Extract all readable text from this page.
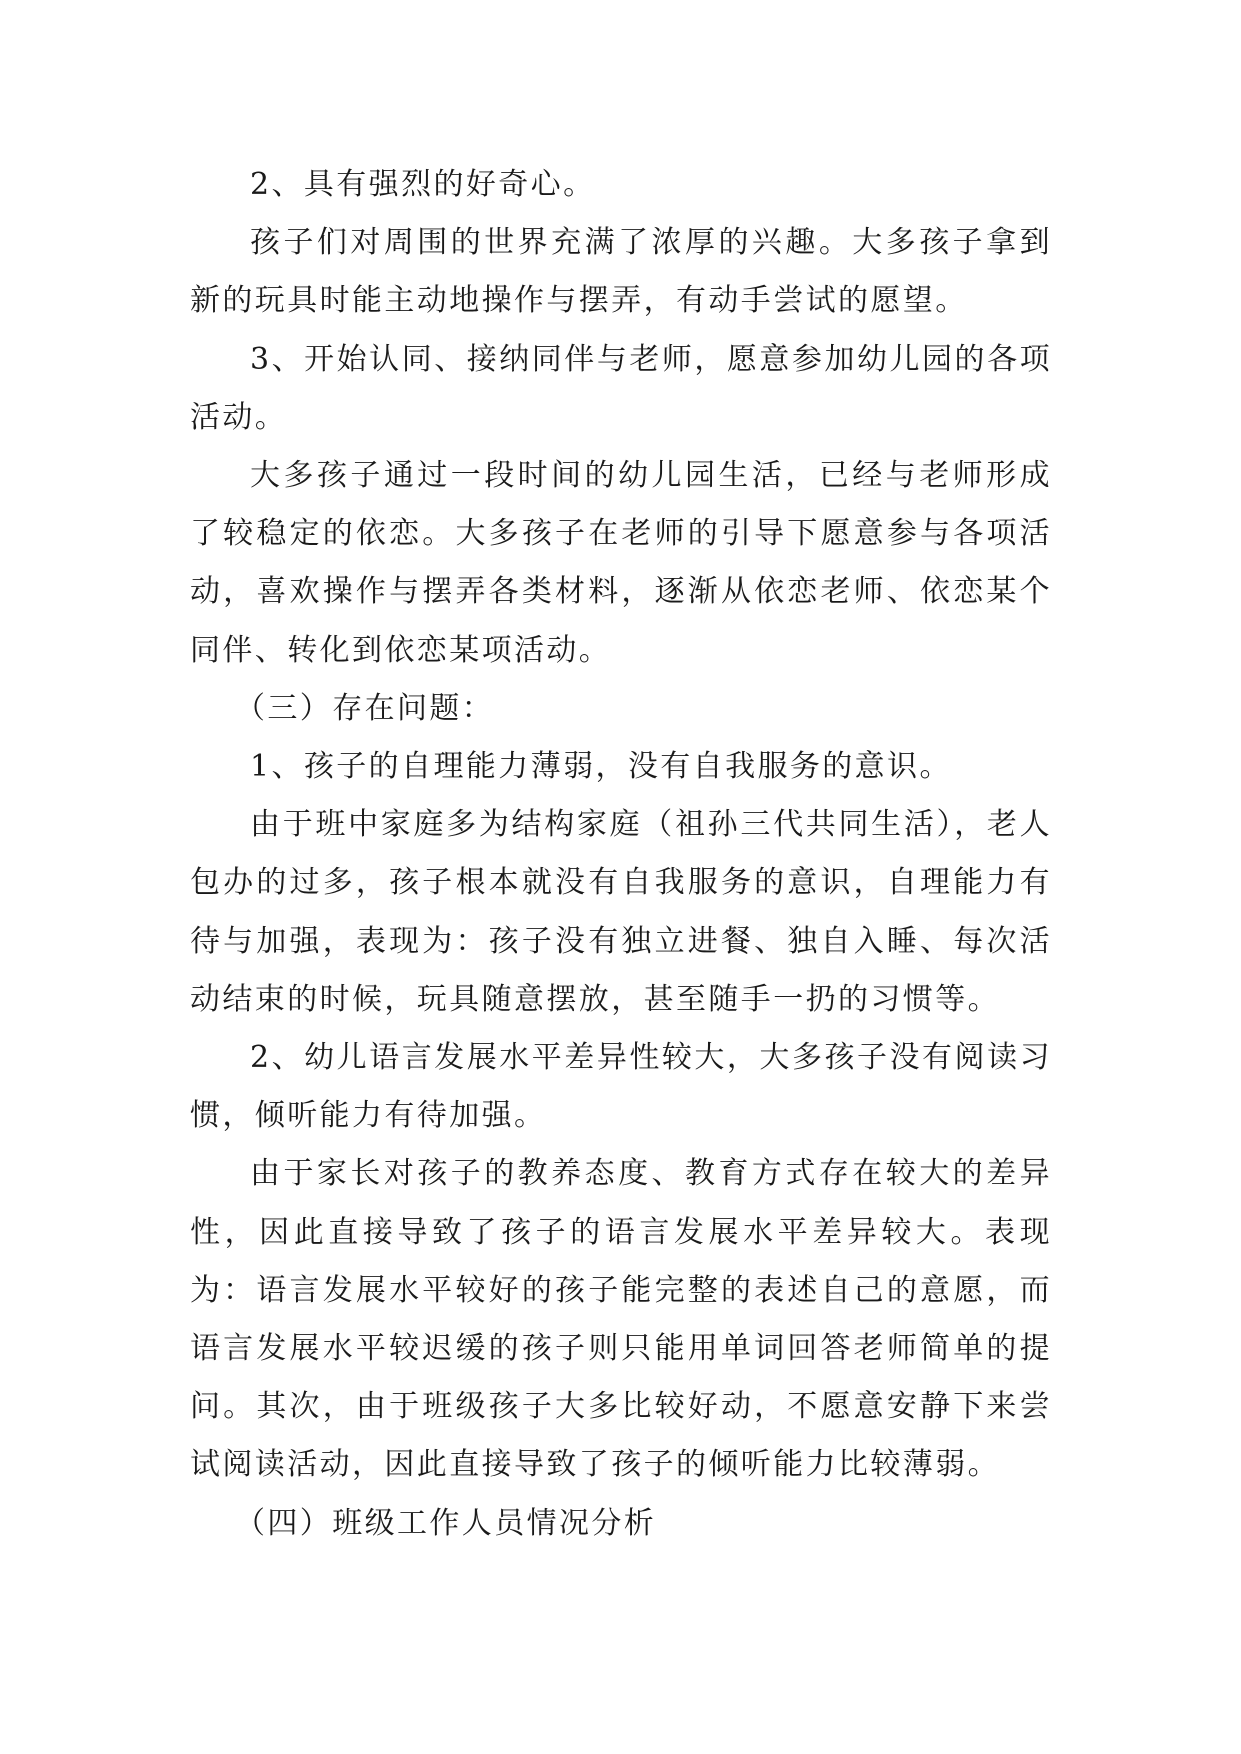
2、具有强烈的好奇心。

孩子们对周围的世界充满了浓厚的兴趣。大多孩子拿到新的玩具时能主动地操作与摆弄，有动手尝试的愿望。

3、开始认同、接纳同伴与老师，愿意参加幼儿园的各项活动。

大多孩子通过一段时间的幼儿园生活，已经与老师形成了较稳定的依恋。大多孩子在老师的引导下愿意参与各项活动，喜欢操作与摆弄各类材料，逐渐从依恋老师、依恋某个同伴、转化到依恋某项活动。

（三）存在问题：

1、孩子的自理能力薄弱，没有自我服务的意识。

由于班中家庭多为结构家庭（祖孙三代共同生活），老人包办的过多，孩子根本就没有自我服务的意识，自理能力有待与加强，表现为：孩子没有独立进餐、独自入睡、每次活动结束的时候，玩具随意摆放，甚至随手一扔的习惯等。

2、幼儿语言发展水平差异性较大，大多孩子没有阅读习惯，倾听能力有待加强。

由于家长对孩子的教养态度、教育方式存在较大的差异性，因此直接导致了孩子的语言发展水平差异较大。表现为：语言发展水平较好的孩子能完整的表述自己的意愿，而语言发展水平较迟缓的孩子则只能用单词回答老师简单的提问。其次，由于班级孩子大多比较好动，不愿意安静下来尝试阅读活动，因此直接导致了孩子的倾听能力比较薄弱。

（四）班级工作人员情况分析
